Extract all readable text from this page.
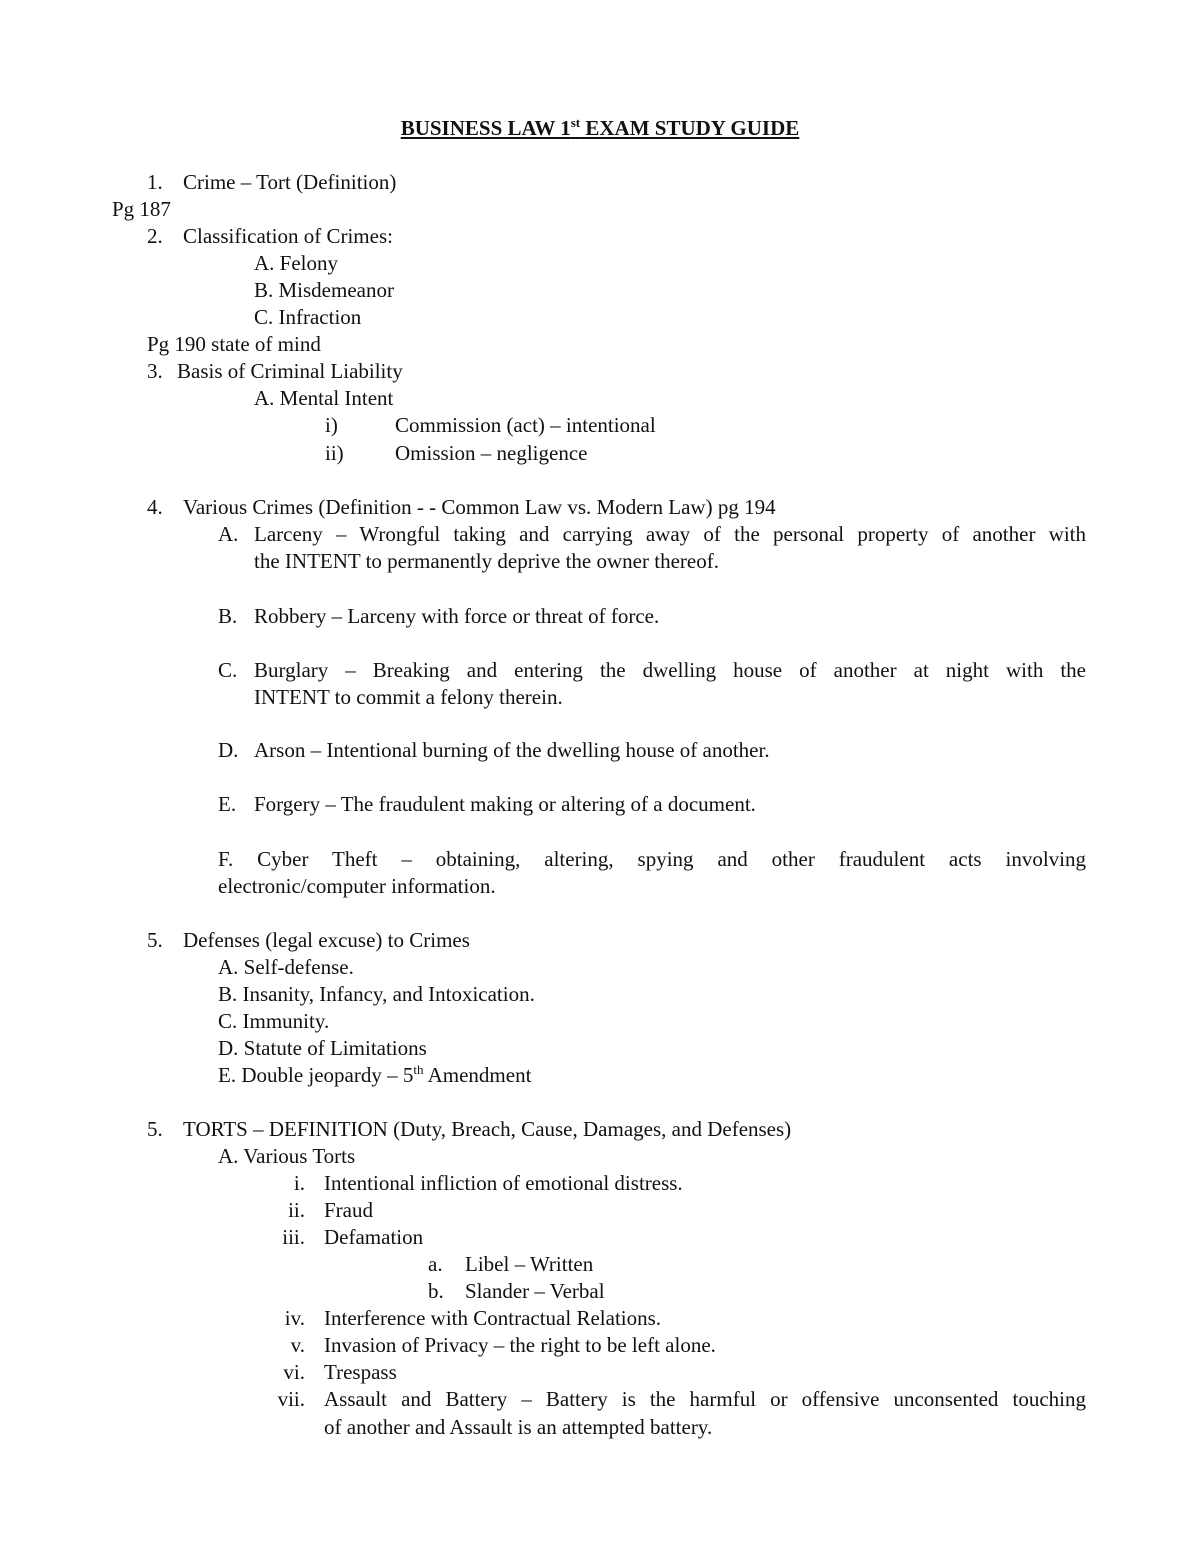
BUSINESS LAW 1st EXAM STUDY GUIDE
1. Crime – Tort (Definition)
Pg 187
2. Classification of Crimes:
A. Felony
B. Misdemeanor
C. Infraction
Pg 190 state of mind
3. Basis of Criminal Liability
A. Mental Intent
i)	Commission (act) – intentional
ii) Omission – negligence
4. Various Crimes (Definition - - Common Law vs. Modern Law) pg 194
A. Larceny – Wrongful taking and carrying away of the personal property of another with
the INTENT to permanently deprive the owner thereof.
B. Robbery – Larceny with force or threat of force.
C. Burglary – Breaking and entering the dwelling house of another at night with the
INTENT to commit a felony therein.
D. Arson – Intentional burning of the dwelling house of another.
E. Forgery – The fraudulent making or altering of a document.
F. Cyber Theft – obtaining, altering, spying and other fraudulent acts involving
electronic/computer information.
5. Defenses (legal excuse) to Crimes
A. Self-defense.
B. Insanity, Infancy, and Intoxication.
C. Immunity.
D. Statute of Limitations
E. Double jeopardy – 5th Amendment
5. TORTS – DEFINITION (Duty, Breach, Cause, Damages, and Defenses)
A. Various Torts
i. Intentional infliction of emotional distress.
ii. Fraud
iii. Defamation
a. Libel – Written
b. Slander – Verbal
iv. Interference with Contractual Relations.
v. Invasion of Privacy – the right to be left alone.
vi. Trespass
vii. Assault and Battery – Battery is the harmful or offensive unconsented touching
of another and Assault is an attempted battery.
